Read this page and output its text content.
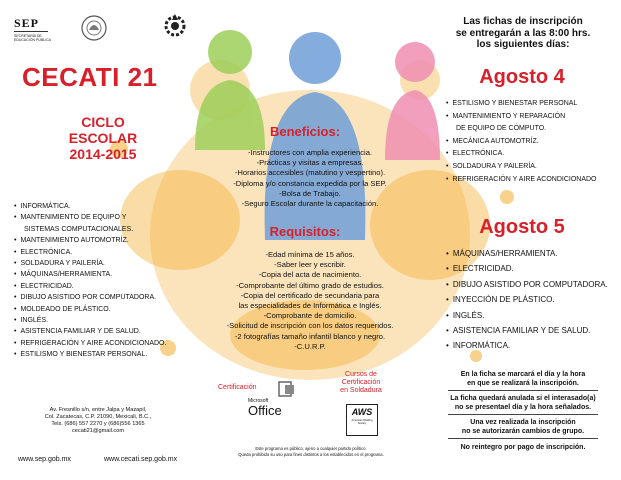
SEP
SECRETARÍA DE EDUCACIÓN PÚBLICA
CECATI 21
CICLO
ESCOLAR
2014-2015
• INFORMÁTICA.
• MANTENIMIENTO DE EQUIPO Y
SISTEMAS COMPUTACIONALES.
• MANTENIMIENTO AUTOMOTRÍZ.
• ELECTRÓNICA.
• SOLDADURA Y PAILERÍA.
• MÁQUINAS/HERRAMIENTA.
• ELECTRICIDAD.
• DIBUJO ASISTIDO POR COMPUTADORA.
• MOLDEADO DE PLÁSTICO.
• INGLÉS.
• ASISTENCIA FAMILIAR Y DE SALUD.
• REFRIGERACIÓN Y AIRE ACONDICIONADO.
• ESTILISMO Y BIENESTAR PERSONAL.
Av. Fresnillo s/n, entre Jalpa y Mazapil,
Col. Zacatecas, C.P. 21090, Mexicali, B.C.,
Tels. (686) 557 2270 y (686)556 1365
cecati21@gmail.com
www.sep.gob.mx	www.cecati.sep.gob.mx
Este programa es público, ajeno a cualquier partido político.
Queda prohibido su uso para fines distintos a los establecidos en el programa.
Beneficios:
-Instructores con amplia experiencia.
-Prácticas y visitas a empresas.
-Horarios accesibles (matutino y vespertino).
-Diploma y/o constancia expedida por la SEP.
-Bolsa de Trabajo.
-Seguro Escolar durante la capacitación.
Requisitos:
-Edad mínima de 15 años.
-Saber leer y escribir.
-Copia del acta de nacimiento.
-Comprobante del último grado de estudios.
-Copia del certificado de secundaria para
las especialidades de Informática e Inglés.
-Comprobante de domicilio.
-Solicitud de inscripción con los datos requeridos.
-2 fotografías tamaño infantil blanco y negro.
-C.U.R.P.
Certificación
Microsoft
Office
Cursos de
Certificación
en Soldadura
AWS
American Welding Society
Las fichas de inscripción
se entregarán a las 8:00 hrs.
los siguientes días:
Agosto 4
• ESTILISMO Y BIENESTAR PERSONAL
• MANTENIMIENTO Y REPARACIÓN
DE EQUIPO DE CÓMPUTO.
• MECÁNICA AUTOMOTRÍZ.
• ELECTRÓNICA.
• SOLDADURA Y PAILERÍA.
• REFRIGERACIÓN Y AIRE ACONDICIONADO
Agosto 5
• MÁQUINAS/HERRAMIENTA.
• ELECTRICIDAD.
• DIBUJO ASISTIDO POR COMPUTADORA.
• INYECCIÓN DE PLÁSTICO.
• INGLÉS.
• ASISTENCIA FAMILIAR Y DE SALUD.
• INFORMÁTICA.
En la ficha se marcará el día y la hora
en que se realizará la inscripción.
La ficha quedará anulada si el interasado(a)
no se presentael día y la hora señalados.
Una vez realizada la inscripción
no se autorizarán cambios de grupo.
No reintegro por pago de inscripción.
